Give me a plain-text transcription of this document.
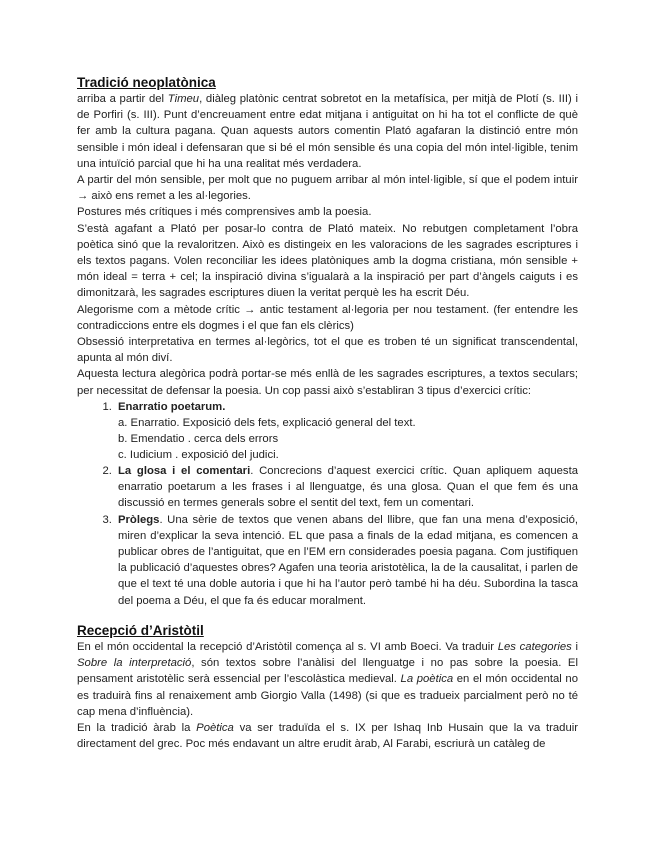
Tradició neoplatònica

arriba a partir del Timeu, diàleg platònic centrat sobretot en la metafísica, per mitjà de Plotí (s. III) i de Porfiri (s. III). Punt d’encreuament entre edat mitjana i antiguitat on hi ha tot el conflicte de què fer amb la cultura pagana. Quan aquests autors comentin Plató agafaran la distinció entre món sensible i món ideal i defensaran que si bé el món sensible és una copia del món intel·ligible, tenim una intuïció parcial que hi ha una realitat més verdadera.

A partir del món sensible, per molt que no puguem arribar al món intel·ligible, sí que el podem intuir → això ens remet a les al·legories.

Postures més crítiques i més comprensives amb la poesia.

S’està agafant a Plató per posar-lo contra de Plató mateix. No rebutgen completament l’obra poètica sinó que la revaloritzen. Això es distingeix en les valoracions de les sagrades escriptures i els textos pagans. Volen reconciliar les idees platòniques amb la dogma cristiana, món sensible + món ideal = terra + cel; la inspiració divina s’igualarà a la inspiració per part d’àngels caiguts i es dimonitzarà, les sagrades escriptures diuen la veritat perquè les ha escrit Déu.

Alegorisme com a mètode crític → antic testament al·legoria per nou testament. (fer entendre les contradiccions entre els dogmes i el que fan els clèrics)

Obsessió interpretativa en termes al·legòrics, tot el que es troben té un significat transcendental, apunta al món diví.

Aquesta lectura alegòrica podrà portar-se més enllà de les sagrades escriptures, a textos seculars; per necessitat de defensar la poesia. Un cop passi això s’establiran 3 tipus d’exercici crític:

1. Enarratio poetarum.
a. Enarratio. Exposició dels fets, explicació general del text.
b. Emendatio . cerca dels errors
c. Iudicium . exposició del judici.
2. La glosa i el comentari. Concrecions d’aquest exercici crític. Quan apliquem aquesta enarratio poetarum a les frases i al llenguatge, és una glosa. Quan el que fem és una discussió en termes generals sobre el sentit del text, fem un comentari.
3. Pròlegs. Una sèrie de textos que venen abans del llibre, que fan una mena d’exposició, miren d’explicar la seva intenció. EL que pasa a finals de la edad mitjana, es comencen a publicar obres de l’antiguitat, que en l’EM ern considerades poesia pagana. Com justifiquen la publicació d’aquestes obres? Agafen una teoria aristotèlica, la de la causalitat, i parlen de que el text té una doble autoria i que hi ha l’autor però també hi ha déu. Subordina la tasca del poema a Déu, el que fa és educar moralment.
Recepció d’Aristòtil

En el món occidental la recepció d’Aristòtil comença al s. VI amb Boeci. Va traduir Les categories i Sobre la interpretació, són textos sobre l’anàlisi del llenguatge i no pas sobre la poesia. El pensament aristotèlic serà essencial per l’escolàstica medieval. La poètica en el món occidental no es traduirà fins al renaixement amb Giorgio Valla (1498) (si que es tradueix parcialment però no té cap mena d’influència).

En la tradició àrab la Poètica va ser traduïda el s. IX per Ishaq Inb Husain que la va traduir directament del grec. Poc més endavant un altre erudit àrab, Al Farabi, escriurà un catàleg de
